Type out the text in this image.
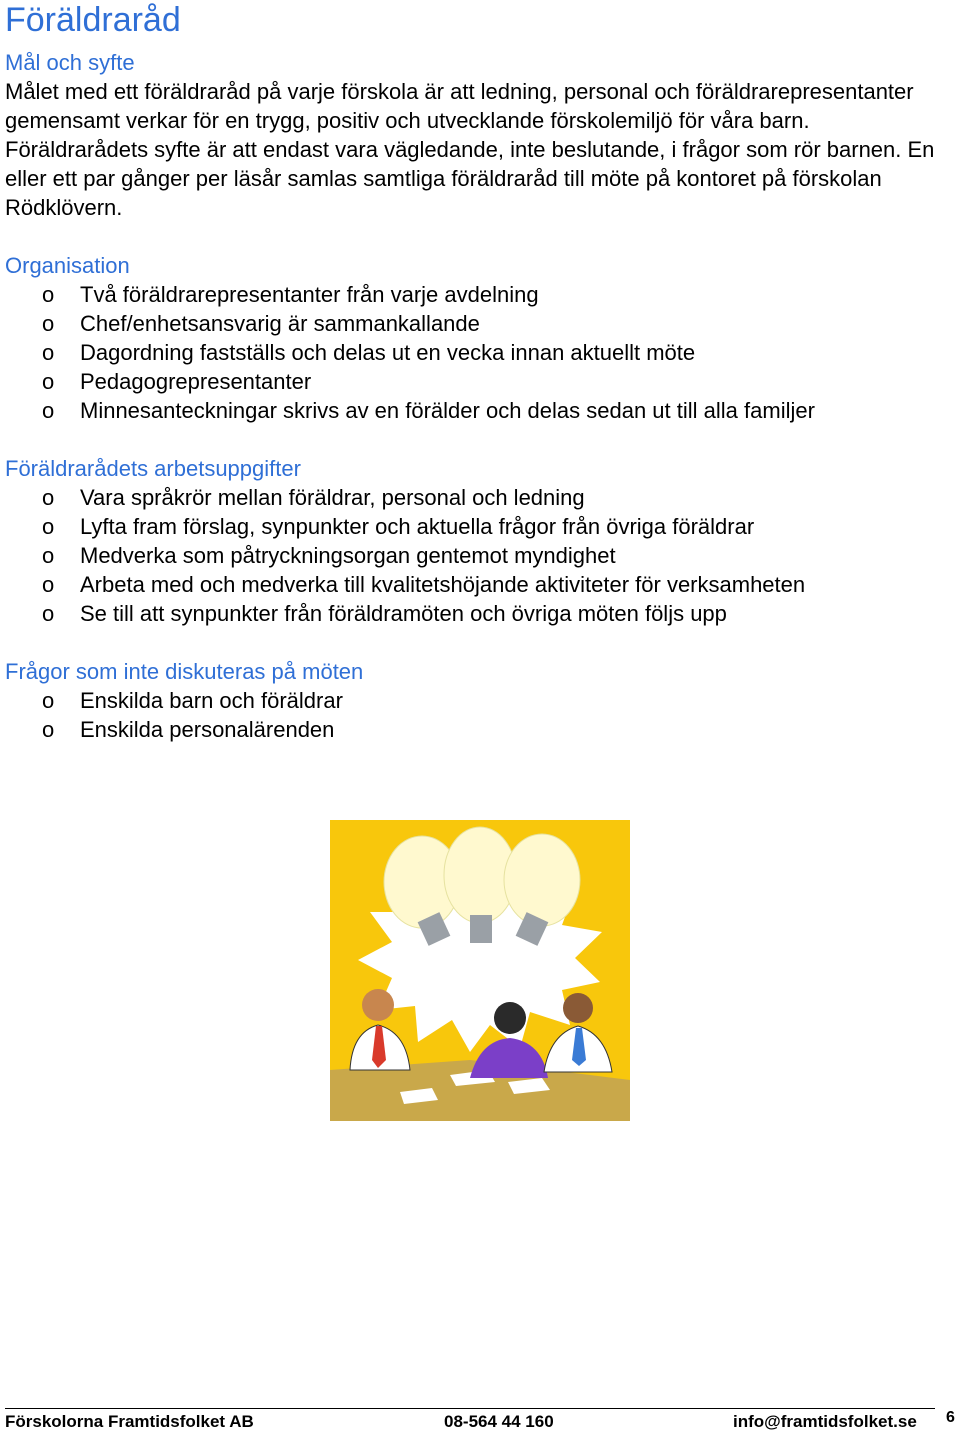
Föräldraråd
Mål och syfte

Målet med ett föräldraråd på varje förskola är att ledning, personal och föräldrarepresentanter gemensamt verkar för en trygg, positiv och utvecklande förskolemiljö för våra barn. Föräldrarådets syfte är att endast vara vägledande, inte beslutande, i frågor som rör barnen. En eller ett par gånger per läsår samlas samtliga föräldraråd till möte på kontoret på förskolan Rödklövern.

Organisation
o Två föräldrarepresentanter från varje avdelning
o Chef/enhetsansvarig är sammankallande
o Dagordning fastställs och delas ut en vecka innan aktuellt möte
o Pedagogrepresentanter
o Minnesanteckningar skrivs av en förälder och delas sedan ut till alla familjer
Föräldrarådets arbetsuppgifter
o Vara språkrör mellan föräldrar, personal och ledning
o Lyfta fram förslag, synpunkter och aktuella frågor från övriga föräldrar
o Medverka som påtryckningsorgan gentemot myndighet
o Arbeta med och medverka till kvalitetshöjande aktiviteter för verksamheten
o Se till att synpunkter från föräldramöten och övriga möten följs upp
Frågor som inte diskuteras på möten
o Enskilda barn och föräldrar
o Enskilda personalärenden
Förskolorna Framtidsfolket AB	08-564 44 160	info@framtidsfolket.se 6
